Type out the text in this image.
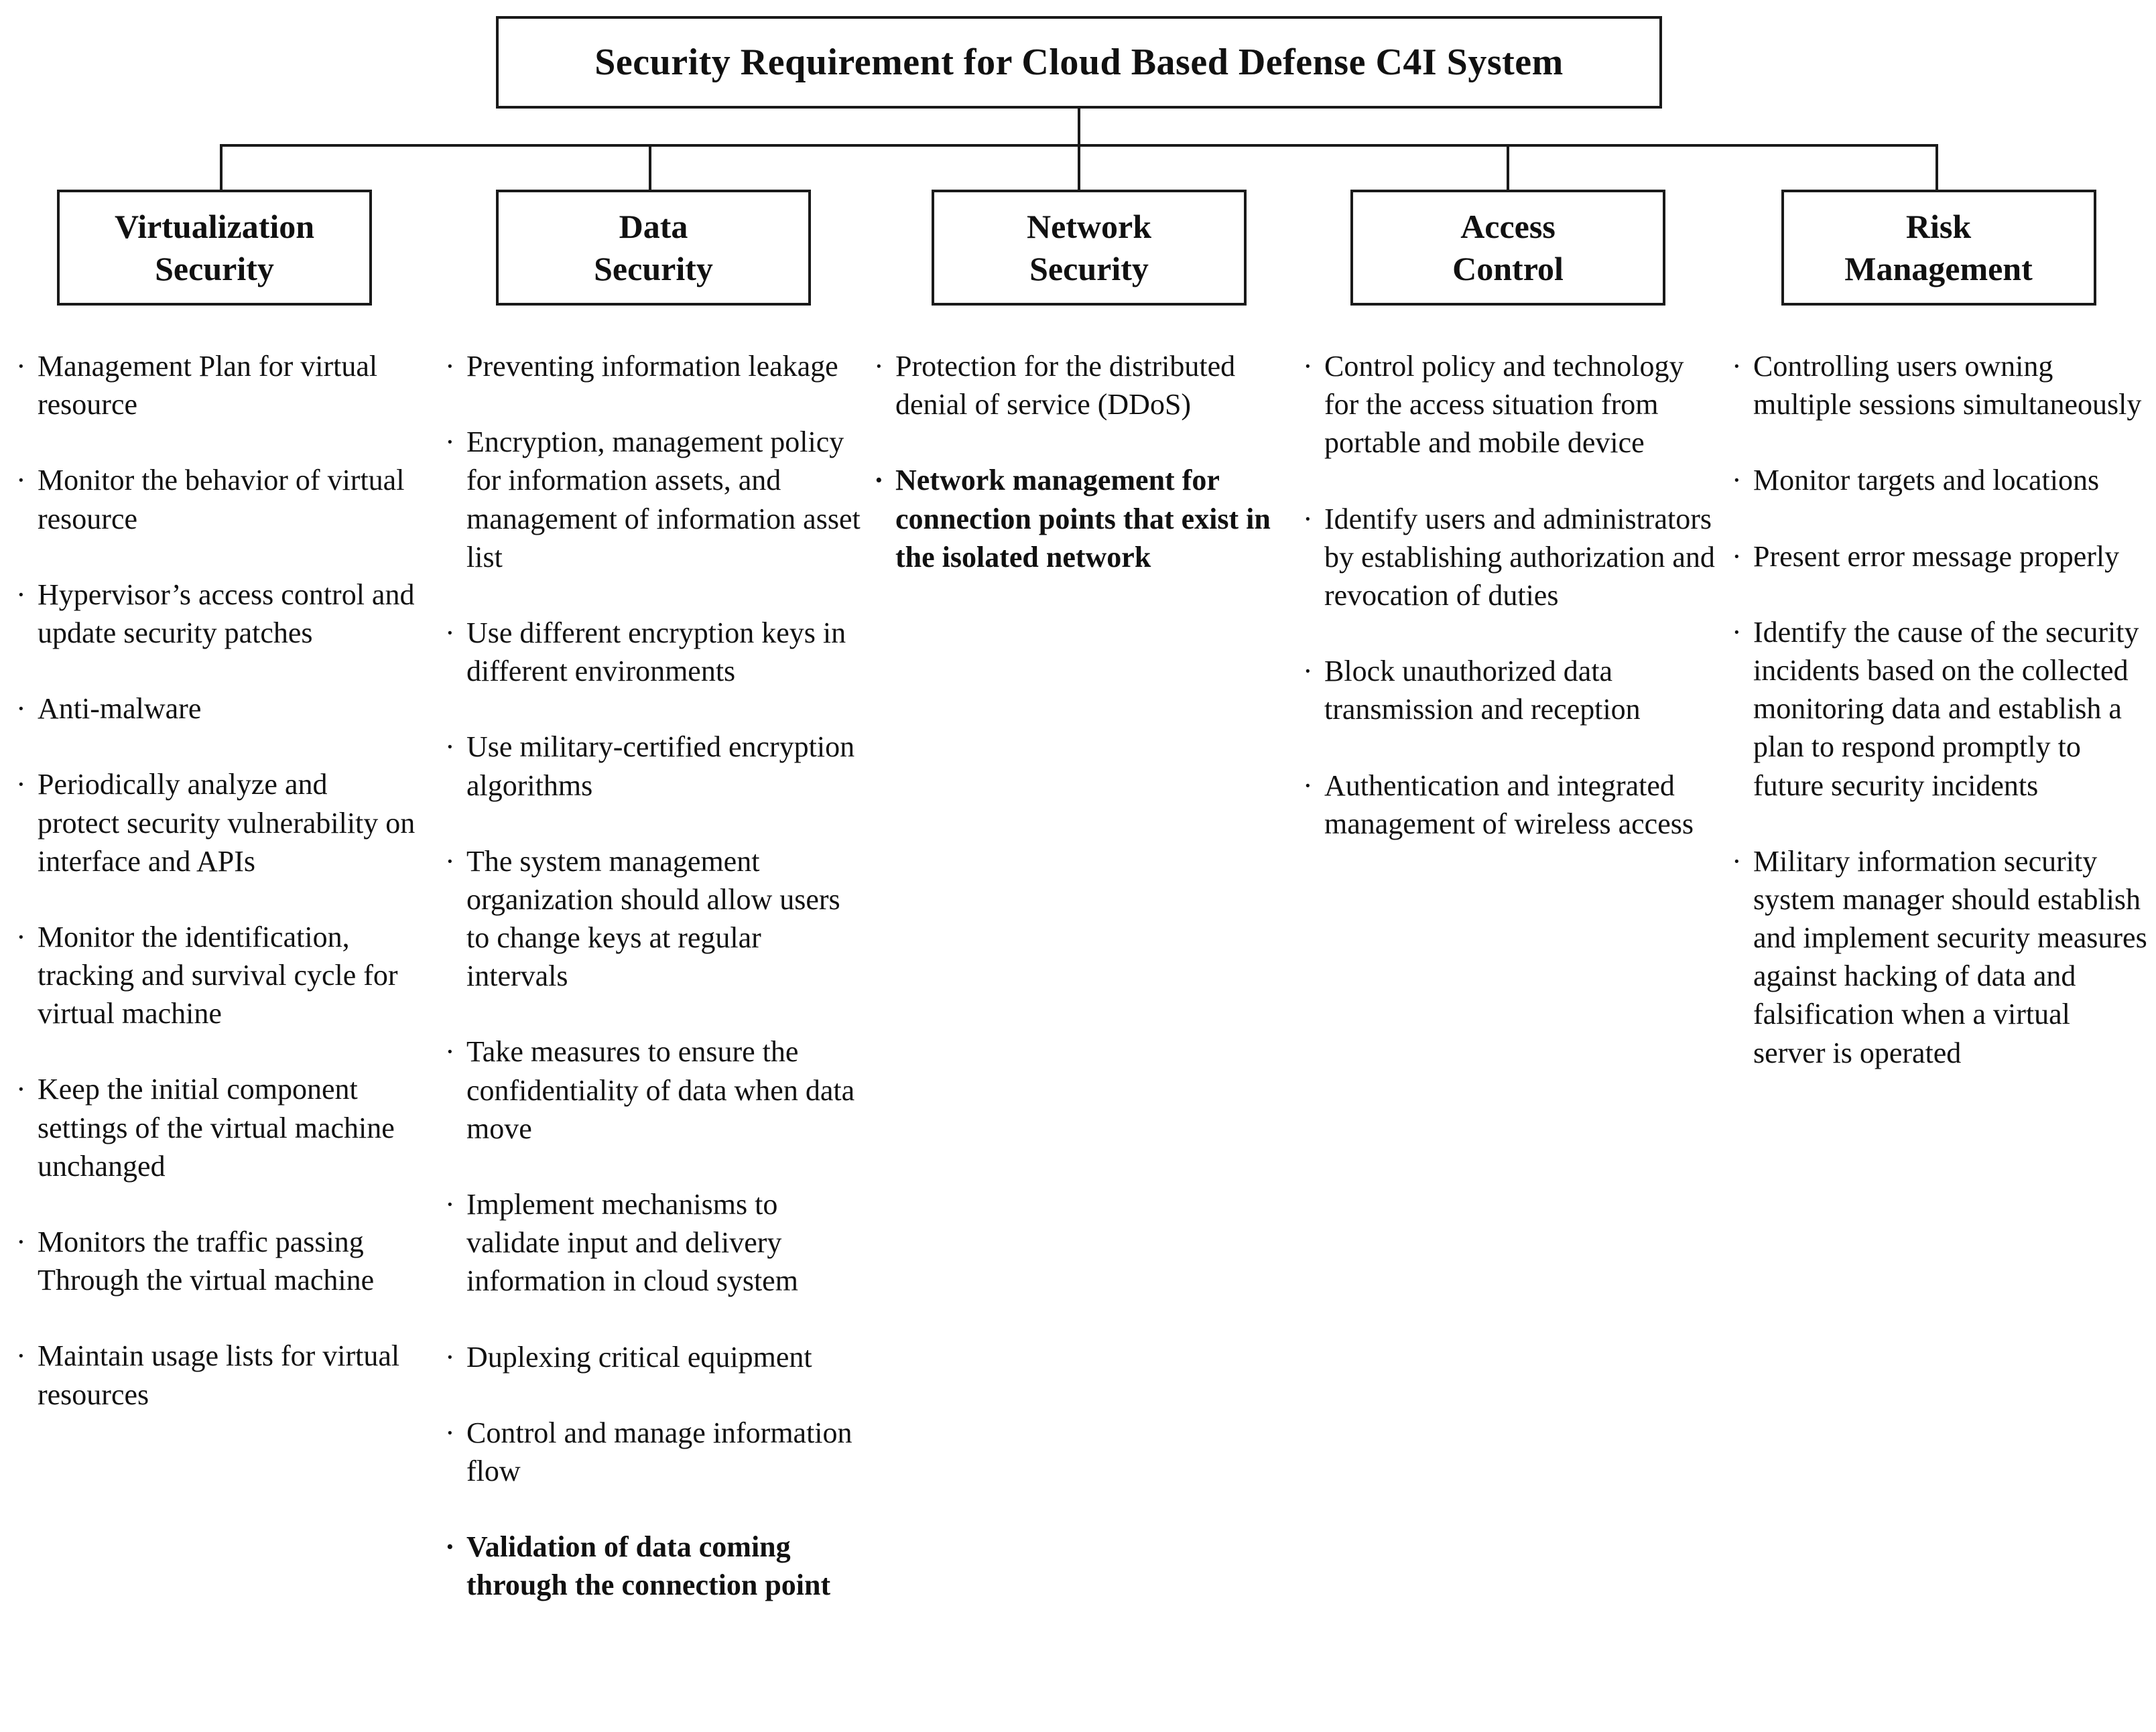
Security Requirement for Cloud Based Defense C4I System
Virtualization
Security
· Management Plan for virtual resource
· Monitor the behavior of virtual resource
· Hypervisor’s access control and update security patches
· Anti-malware
· Periodically analyze and protect security vulnerability on interface and APIs
· Monitor the identification, tracking and survival cycle for virtual machine
· Keep the initial component settings of the virtual machine unchanged
· Monitors the traffic passing Through the virtual machine
· Maintain usage lists for virtual resources
Data
Security
· Preventing information leakage
· Encryption, management policy for information assets, and management of information asset list
· Use different encryption keys in different environments
· Use military-certified encryption algorithms
· The system management organization should allow users to change keys at regular intervals
· Take measures to ensure the confidentiality of data when data move
· Implement mechanisms to validate input and delivery information in cloud system
· Duplexing critical equipment
· Control and manage information flow
· Validation of data coming through the connection point
Network
Security
· Protection for the distributed denial of service (DDoS)
· Network management for connection points that exist in the isolated network
Access
Control
· Control policy and technology for the access situation from portable and mobile device
· Identify users and administrators by establishing authorization and revocation of duties
· Block unauthorized data transmission and reception
· Authentication and integrated management of wireless access
Risk
Management
· Controlling users owning multiple sessions simultaneously
· Monitor targets and locations
· Present error message properly
· Identify the cause of the security incidents based on the collected monitoring data and establish a plan to respond promptly to future security incidents
· Military information security system manager should establish and implement security measures against hacking of data and falsification when a virtual server is operated
